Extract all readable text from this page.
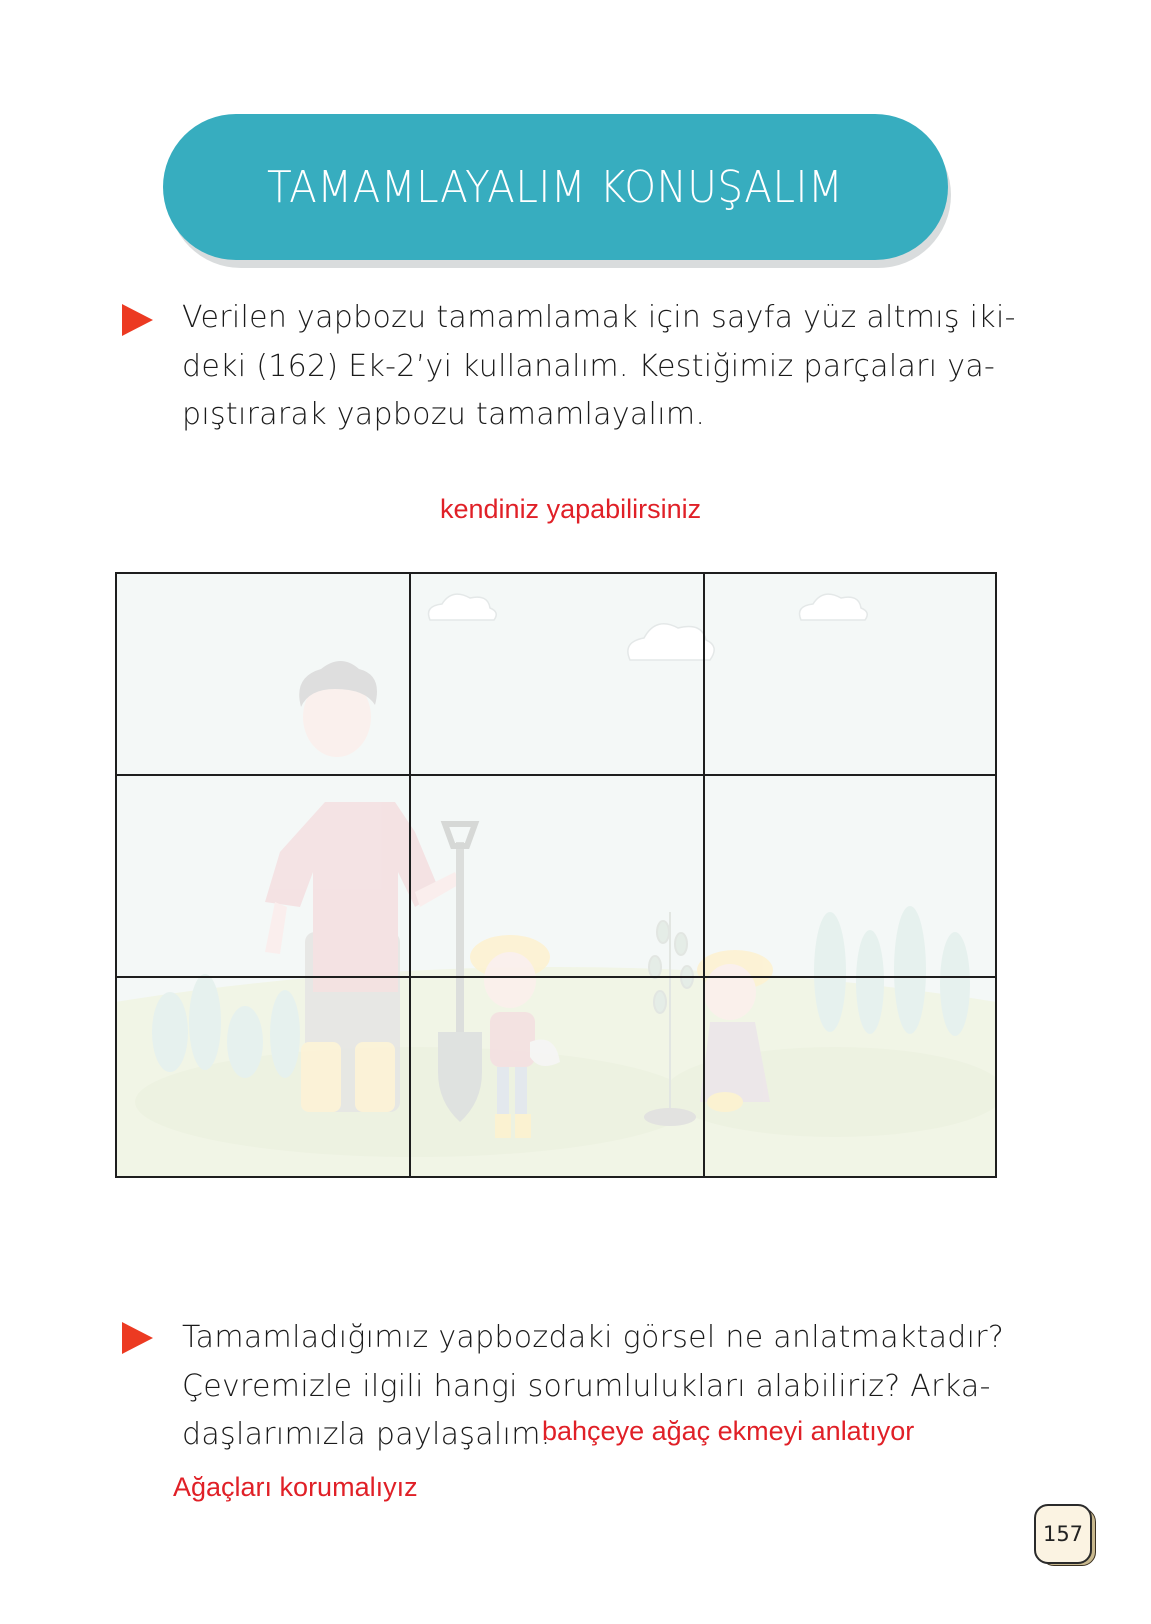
TAMAMLAYALIM KONUŞALIM
Verilen yapbozu tamamlamak için sayfa yüz altmış iki-
deki (162) Ek-2’yi kullanalım. Kestiğimiz parçaları ya-
pıştırarak yapbozu tamamlayalım.
kendiniz yapabilirsiniz
Tamamladığımız yapbozdaki görsel ne anlatmaktadır?
Çevremizle ilgili hangi sorumlulukları alabiliriz? Arka-
daşlarımızla paylaşalım.
bahçeye ağaç ekmeyi anlatıyor
Ağaçları korumalıyız
157
